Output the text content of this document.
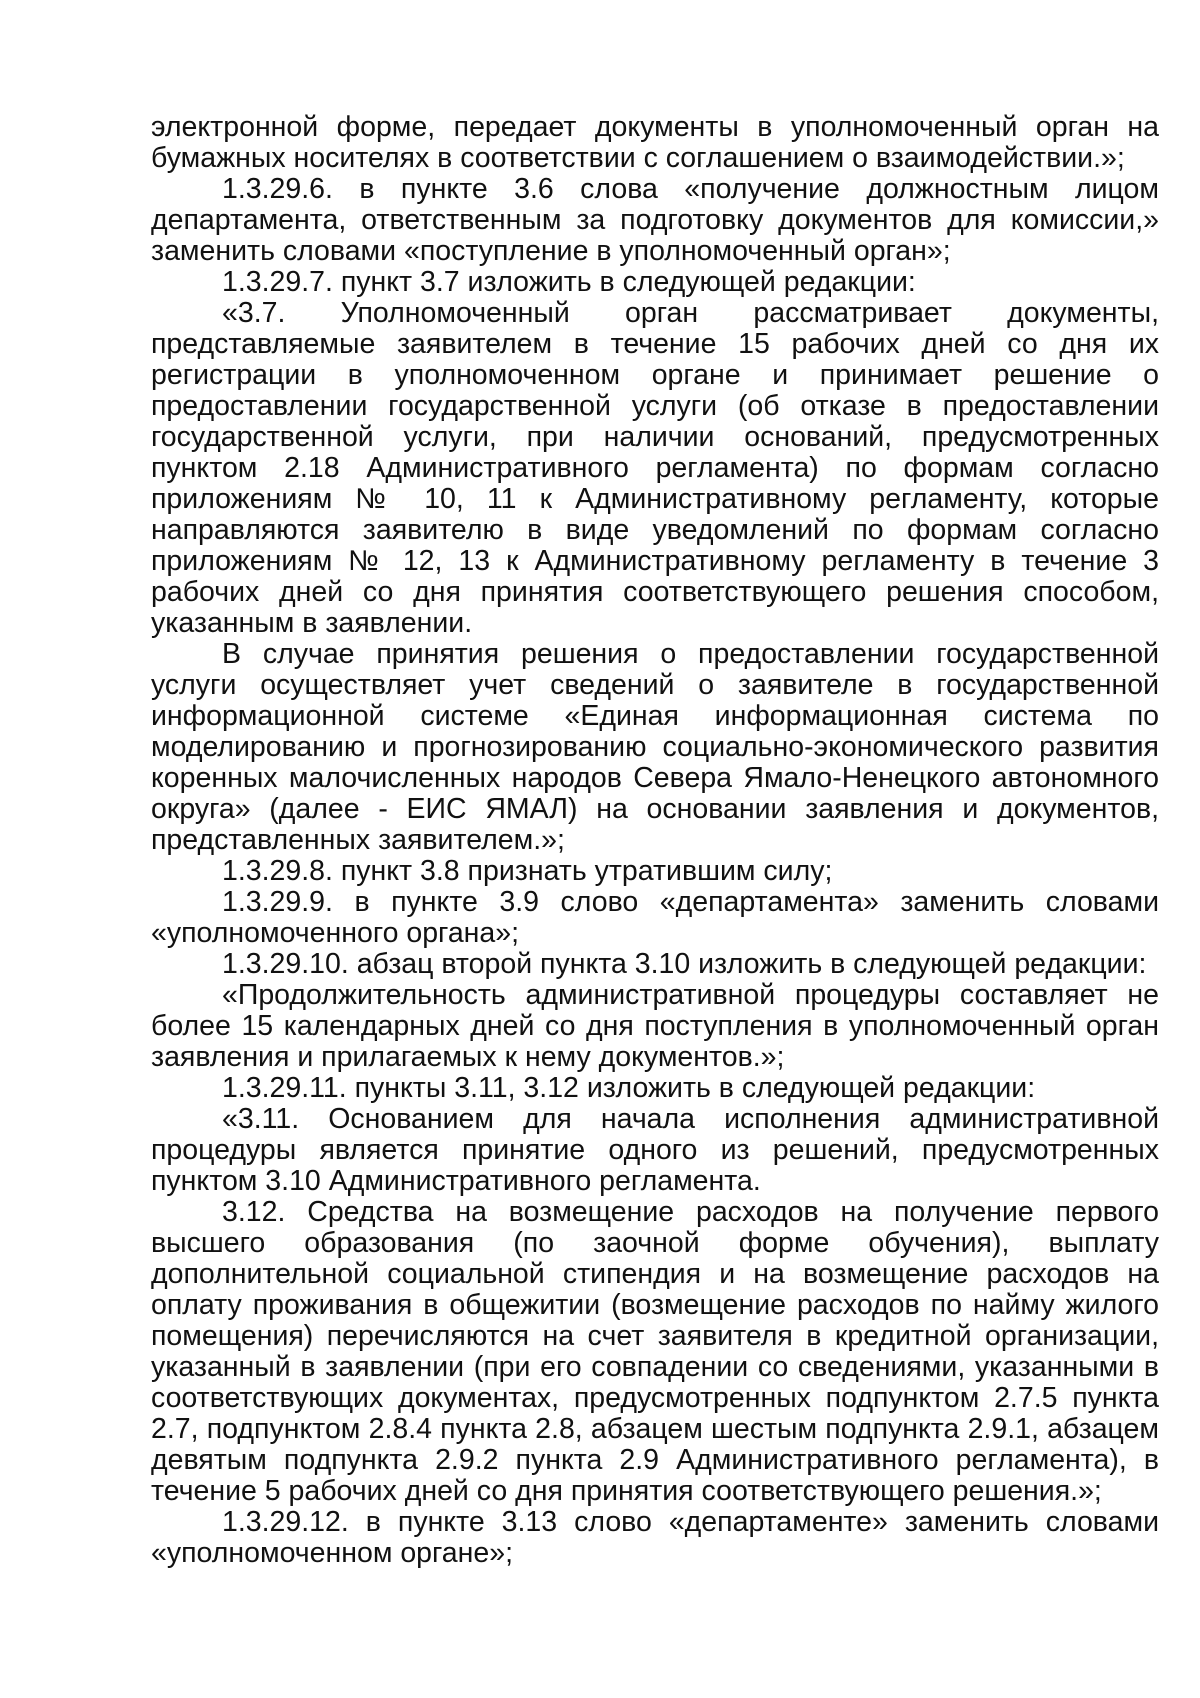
электронной форме, передает документы в уполномоченный орган на бумажных носителях в соответствии с соглашением о взаимодействии.»;

1.3.29.6. в пункте 3.6 слова «получение должностным лицом департамента, ответственным за подготовку документов для комиссии,» заменить словами «поступление в уполномоченный орган»;

1.3.29.7. пункт 3.7 изложить в следующей редакции:

«3.7. Уполномоченный орган рассматривает документы, представляемые заявителем в течение 15 рабочих дней со дня их регистрации в уполномоченном органе и принимает решение о предоставлении государственной услуги (об отказе в предоставлении государственной услуги, при наличии оснований, предусмотренных пунктом 2.18 Административного регламента) по формам согласно приложениям № 10, 11 к Административному регламенту, которые направляются заявителю в виде уведомлений по формам согласно приложениям № 12, 13 к Административному регламенту в течение 3 рабочих дней со дня принятия соответствующего решения способом, указанным в заявлении.

В случае принятия решения о предоставлении государственной услуги осуществляет учет сведений о заявителе в государственной информационной системе «Единая информационная система по моделированию и прогнозированию социально-экономического развития коренных малочисленных народов Севера Ямало-Ненецкого автономного округа» (далее - ЕИС ЯМАЛ) на основании заявления и документов, представленных заявителем.»;

1.3.29.8. пункт 3.8 признать утратившим силу;

1.3.29.9. в пункте 3.9 слово «департамента» заменить словами «уполномоченного органа»;

1.3.29.10. абзац второй пункта 3.10 изложить в следующей редакции:

«Продолжительность административной процедуры составляет не более 15 календарных дней со дня поступления в уполномоченный орган заявления и прилагаемых к нему документов.»;

1.3.29.11. пункты 3.11, 3.12 изложить в следующей редакции:

«3.11. Основанием для начала исполнения административной процедуры является принятие одного из решений, предусмотренных пунктом 3.10 Административного регламента.

3.12. Средства на возмещение расходов на получение первого высшего образования (по заочной форме обучения), выплату дополнительной социальной стипендия и на возмещение расходов на оплату проживания в общежитии (возмещение расходов по найму жилого помещения) перечисляются на счет заявителя в кредитной организации, указанный в заявлении (при его совпадении со сведениями, указанными в соответствующих документах, предусмотренных подпунктом 2.7.5 пункта 2.7, подпунктом 2.8.4 пункта 2.8, абзацем шестым подпункта 2.9.1, абзацем девятым подпункта 2.9.2 пункта 2.9 Административного регламента), в течение 5 рабочих дней со дня принятия соответствующего решения.»;

1.3.29.12. в пункте 3.13 слово «департаменте» заменить словами «уполномоченном органе»;
